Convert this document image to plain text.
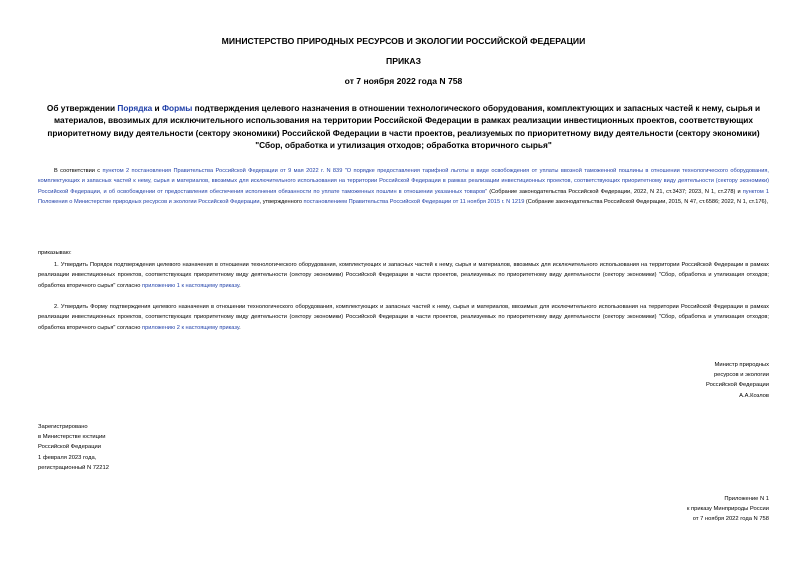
МИНИСТЕРСТВО ПРИРОДНЫХ РЕСУРСОВ И ЭКОЛОГИИ РОССИЙСКОЙ ФЕДЕРАЦИИ
ПРИКАЗ
от 7 ноября 2022 года N 758
Об утверждении Порядка и Формы подтверждения целевого назначения в отношении технологического оборудования, комплектующих и запасных частей к нему, сырья и материалов, ввозимых для исключительного использования на территории Российской Федерации в рамках реализации инвестиционных проектов, соответствующих приоритетному виду деятельности (сектору экономики) Российской Федерации в части проектов, реализуемых по приоритетному виду деятельности (сектору экономики) "Сбор, обработка и утилизация отходов; обработка вторичного сырья"
В соответствии с пунктом 2 постановления Правительства Российской Федерации от 9 мая 2022 г. N 839 "О порядке предоставления тарифной льготы в виде освобождения от уплаты ввозной таможенной пошлины в отношении технологического оборудования, комплектующих и запасных частей к нему, сырья и материалов, ввозимых для исключительного использования на территории Российской Федерации в рамках реализации инвестиционных проектов, соответствующих приоритетному виду деятельности (сектору экономики) Российской Федерации, и об освобождении от предоставления обеспечения исполнения обязанности по уплате таможенных пошлин в отношении указанных товаров" (Собрание законодательства Российской Федерации, 2022, N 21, ст.3437; 2023, N 1, ст.278) и пунктом 1 Положения о Министерстве природных ресурсов и экологии Российской Федерации, утвержденного постановлением Правительства Российской Федерации от 11 ноября 2015 г. N 1219 (Собрание законодательства Российской Федерации, 2015, N 47, ст.6586; 2022, N 1, ст.176),
приказываю:
1. Утвердить Порядок подтверждения целевого назначения в отношении технологического оборудования, комплектующих и запасных частей к нему, сырья и материалов, ввозимых для исключительного использования на территории Российской Федерации в рамках реализации инвестиционных проектов, соответствующих приоритетному виду деятельности (сектору экономики) Российской Федерации в части проектов, реализуемых по приоритетному виду деятельности (сектору экономики) "Сбор, обработка и утилизация отходов; обработка вторичного сырья" согласно приложению 1 к настоящему приказу.
2. Утвердить Форму подтверждения целевого назначения в отношении технологического оборудования, комплектующих и запасных частей к нему, сырья и материалов, ввозимых для исключительного использования на территории Российской Федерации в рамках реализации инвестиционных проектов, соответствующих приоритетному виду деятельности (сектору экономики) Российской Федерации в части проектов, реализуемых по приоритетному виду деятельности (сектору экономики) "Сбор, обработка и утилизация отходов; обработка вторичного сырья" согласно приложению 2 к настоящему приказу.
Министр природных
ресурсов и экологии
Российской Федерации
А.А.Козлов
Зарегистрировано
в Министерстве юстиции
Российской Федерации
1 февраля 2023 года,
регистрационный N 72212
Приложение N 1
к приказу Минприроды России
от 7 ноября 2022 года N 758
